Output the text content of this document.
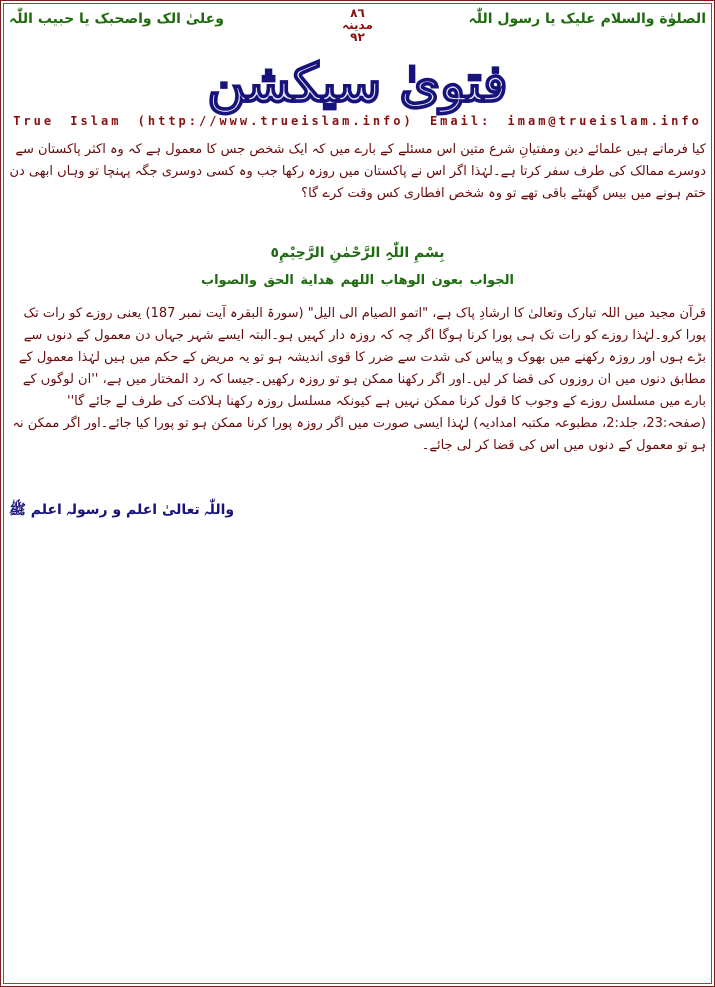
الصلوٰة والسلام علیک یا رسول اللّٰہ
٨٦
مدینہ
٩٢
وعلیٰ الک واصحبک یا حبیب اللّٰہ
فتویٰ سیکشن
True Islam (http://www.trueislam.info) Email: imam@trueislam.info
کیا فرماتے ہیں علمائے دین ومفتیانِ شرع متین اس مسئلے کے بارے میں کہ ایک شخص جس کا معمول ہے کہ وہ اکثر پاکستان سے دوسرے ممالک کی طرف سفر کرتا ہے۔لہٰذا اگر اس نے پاکستان میں روزہ رکھا جب وہ کسی دوسری جگہ پہنچا تو وہاں ابھی دن ختم ہونے میں بیس گھنٹے باقی تھے تو وہ شخص افطاری کس وقت کرے گا؟
بِسْمِ اللّٰہِ الرَّحْمٰنِ الرَّحِیْمِ٥
الجواب بعون الوهاب اللهم هداية الحق والصواب
قرآن مجید میں اللہ تبارک وتعالیٰ کا ارشادِ پاک ہے، "اتمو الصیام الی الیل" (سورۃ البقرہ آیت نمبر 187) یعنی روزے کو رات تک پورا کرو۔لہٰذا روزے کو رات تک ہی پورا کرنا ہوگا اگر چہ کہ روزہ دار کہیں ہو۔البتہ ایسے شہر جہاں دن معمول کے دنوں سے بڑے ہوں اور روزہ رکھنے میں بھوک و پیاس کی شدت سے ضرر کا قوی اندیشہ ہو تو یہ مریض کے حکم میں ہیں لہٰذا معمول کے مطابق دنوں میں ان روزوں کی قضا کر لیں۔اور اگر رکھنا ممکن ہو تو روزہ رکھیں۔جیسا کہ رد المختار میں ہے، ''ان لوگوں کے بارے میں مسلسل روزے کے وجوب کا قول کرنا ممکن نہیں ہے کیونکہ مسلسل روزہ رکھنا ہلاکت کی طرف لے جائے گا'' (صفحہ:23، جلد:2، مطبوعہ مکتبہ امدادیہ) لہٰذا ایسی صورت میں اگر روزہ پورا کرنا ممکن ہو تو پورا کیا جائے۔اور اگر ممکن نہ ہو تو معمول کے دنوں میں اس کی قضا کر لی جائے۔
واللّٰہ تعالیٰ اعلم و رسولہ اعلم ﷺ
